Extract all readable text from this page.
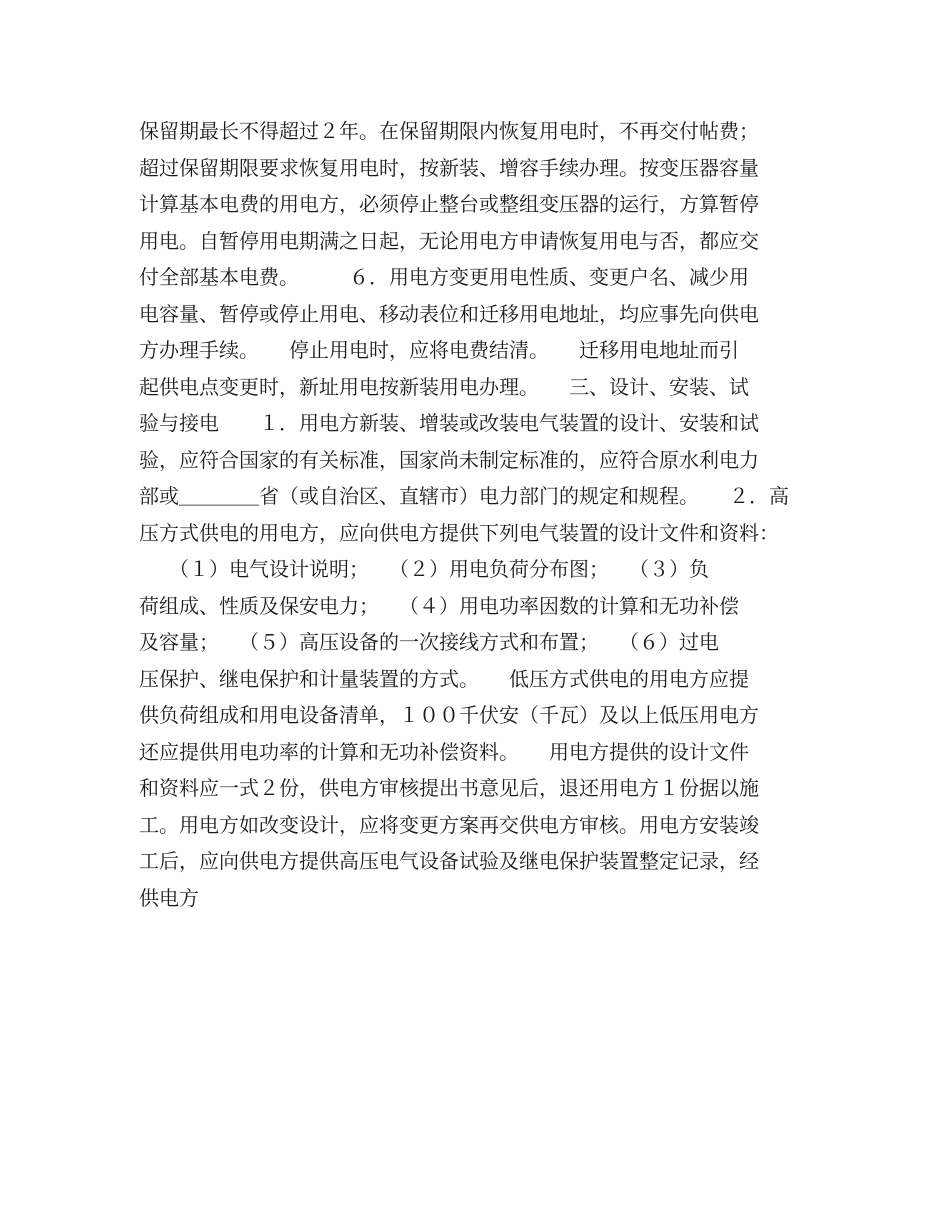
保留期最长不得超过２年。在保留期限内恢复用电时，不再交付帖费；
超过保留期限要求恢复用电时，按新装、增容手续办理。按变压器容量
计算基本电费的用电方，必须停止整台或整组变压器的运行，方算暂停
用电。自暂停用电期满之日起，无论用电方申请恢复用电与否，都应交
付全部基本电费。　　　６．用电方变更用电性质、变更户名、减少用
电容量、暂停或停止用电、移动表位和迁移用电地址，均应事先向供电
方办理手续。　　停止用电时，应将电费结清。　　迁移用电地址而引
起供电点变更时，新址用电按新装用电办理。　　三、设计、安装、试
验与接电　　１．用电方新装、增装或改装电气装置的设计、安装和试
验，应符合国家的有关标准，国家尚未制定标准的，应符合原水利电力
部或＿＿＿＿省（或自治区、直辖市）电力部门的规定和规程。　　２．高
压方式供电的用电方，应向供电方提供下列电气装置的设计文件和资料：
　　（１）电气设计说明；　　（２）用电负荷分布图；　　（３）负
荷组成、性质及保安电力；　　（４）用电功率因数的计算和无功补偿
及容量；　　（５）高压设备的一次接线方式和布置；　　（６）过电
压保护、继电保护和计量装置的方式。　　低压方式供电的用电方应提
供负荷组成和用电设备清单，１００千伏安（千瓦）及以上低压用电方
还应提供用电功率的计算和无功补偿资料。　　用电方提供的设计文件
和资料应一式２份，供电方审核提出书意见后，退还用电方１份据以施
工。用电方如改变设计，应将变更方案再交供电方审核。用电方安装竣
工后，应向供电方提供高压电气设备试验及继电保护装置整定记录，经
供电方
